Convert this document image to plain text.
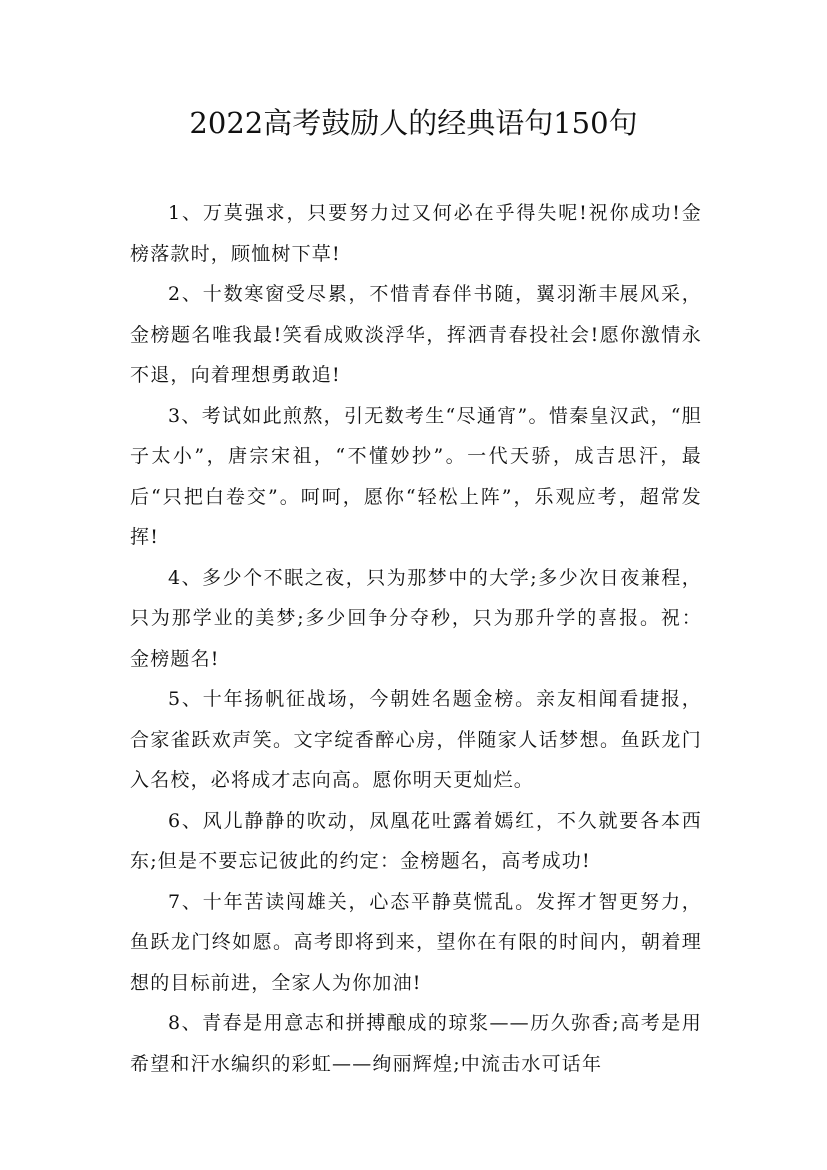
2022高考鼓励人的经典语句150句

1、万莫强求，只要努力过又何必在乎得失呢!祝你成功!金榜落款时，顾恤树下草!

2、十数寒窗受尽累，不惜青春伴书随，翼羽渐丰展风采，金榜题名唯我最!笑看成败淡浮华，挥洒青春投社会!愿你激情永不退，向着理想勇敢追!

3、考试如此煎熬，引无数考生“尽通宵”。惜秦皇汉武，“胆子太小”，唐宗宋祖，“不懂妙抄”。一代天骄，成吉思汗，最后“只把白卷交”。呵呵，愿你“轻松上阵”，乐观应考，超常发挥!

4、多少个不眠之夜，只为那梦中的大学;多少次日夜兼程，只为那学业的美梦;多少回争分夺秒，只为那升学的喜报。祝：金榜题名!

5、十年扬帆征战场，今朝姓名题金榜。亲友相闻看捷报，合家雀跃欢声笑。文字绽香醉心房，伴随家人话梦想。鱼跃龙门入名校，必将成才志向高。愿你明天更灿烂。

6、风儿静静的吹动，凤凰花吐露着嫣红，不久就要各本西东;但是不要忘记彼此的约定：金榜题名，高考成功!

7、十年苦读闯雄关，心态平静莫慌乱。发挥才智更努力，鱼跃龙门终如愿。高考即将到来，望你在有限的时间内，朝着理想的目标前进，全家人为你加油!

8、青春是用意志和拼搏酿成的琼浆——历久弥香;高考是用希望和汗水编织的彩虹——绚丽辉煌;中流击水可话年
